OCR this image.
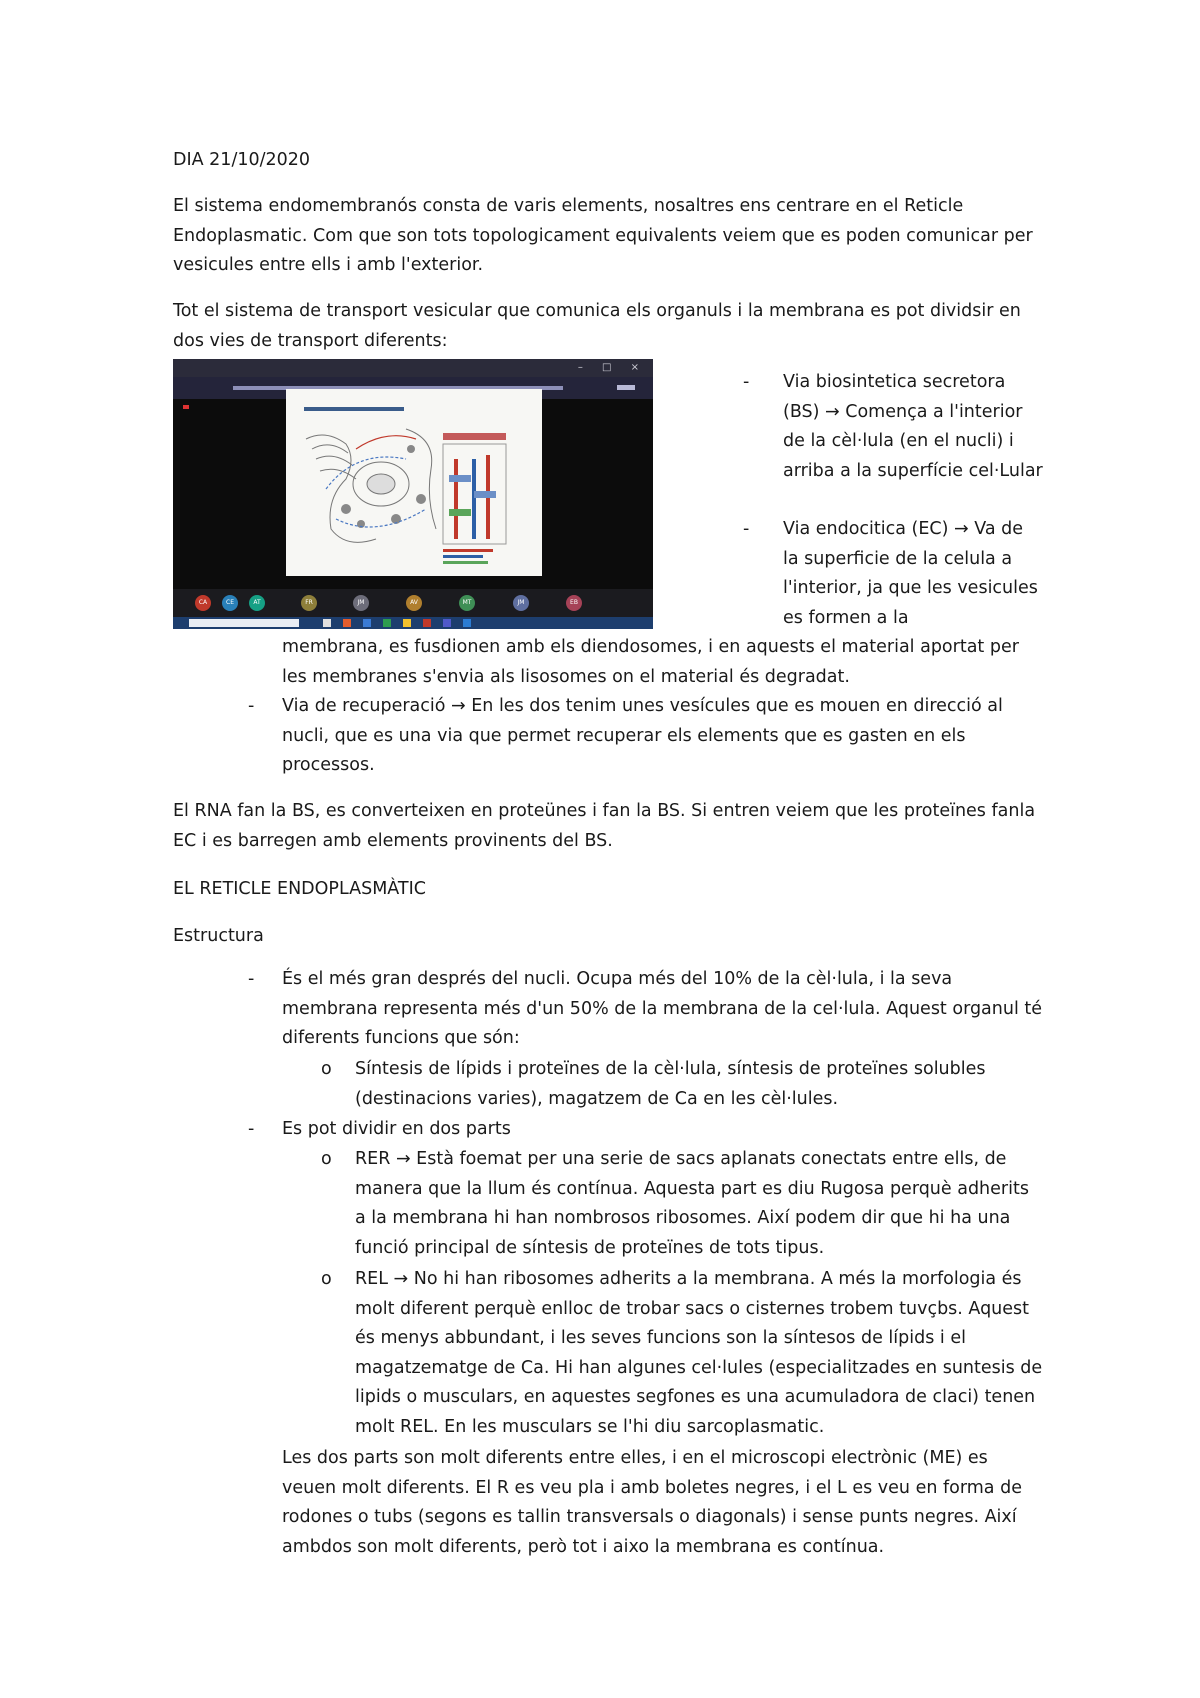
DIA 21/10/2020

El sistema endomembranós consta de varis elements, nosaltres ens centrare en el Reticle Endoplasmatic. Com que son tots topologicament equivalents veiem que es poden comunicar per vesicules entre ells i amb l'exterior.

Tot el sistema de transport vesicular que comunica els organuls i la membrana es pot dividsir en dos vies de transport diferents:

– □ ×
CA	CE	AT	FR	JM	AV	MT	JM	EB
- Via biosintetica secretora (BS) → Comença a l'interior de la cèl·lula (en el nucli) i arriba a la superfície cel·Lular
- Via endocitica (EC) → Va de la superficie de la celula a l'interior, ja que les vesicules es formen a la

membrana, es fusdionen amb els diendosomes, i en aquests el material aportat per les membranes s'envia als lisosomes on el material és degradat.

- Via de recuperació → En les dos tenim unes vesícules que es mouen en direcció al nucli, que es una via que permet recuperar els elements que es gasten en els processos.

El RNA fan la BS, es converteixen en proteünes i fan la BS. Si entren veiem que les proteïnes fanla EC i es barregen amb elements provinents del BS.

EL RETICLE ENDOPLASMÀTIC

Estructura

- És el més gran després del nucli. Ocupa més del 10% de la cèl·lula, i la seva membrana representa més d'un 50% de la membrana de la cel·lula. Aquest organul té diferents funcions que són:
o Síntesis de lípids i proteïnes de la cèl·lula, síntesis de proteïnes solubles (destinacions varies), magatzem de Ca en les cèl·lules.
- Es pot dividir en dos parts
o RER → Està foemat per una serie de sacs aplanats conectats entre ells, de manera que la llum és contínua. Aquesta part es diu Rugosa perquè adherits a la membrana hi han nombrosos ribosomes. Així podem dir que hi ha una funció principal de síntesis de proteïnes de tots tipus.
o REL → No hi han ribosomes adherits a la membrana. A més la morfologia és molt diferent perquè enlloc de trobar sacs o cisternes trobem tuvçbs. Aquest és menys abbundant, i les seves funcions son la síntesos de lípids i el magatzematge de Ca. Hi han algunes cel·lules (especialitzades en suntesis de lipids o musculars, en aquestes segfones es una acumuladora de claci) tenen molt REL. En les musculars se l'hi diu sarcoplasmatic.

Les dos parts son molt diferents entre elles, i en el microscopi electrònic (ME) es veuen molt diferents. El R es veu pla i amb boletes negres, i el L es veu en forma de rodones o tubs (segons es tallin transversals o diagonals) i sense punts negres. Així ambdos son molt diferents, però tot i aixo la membrana es contínua.
